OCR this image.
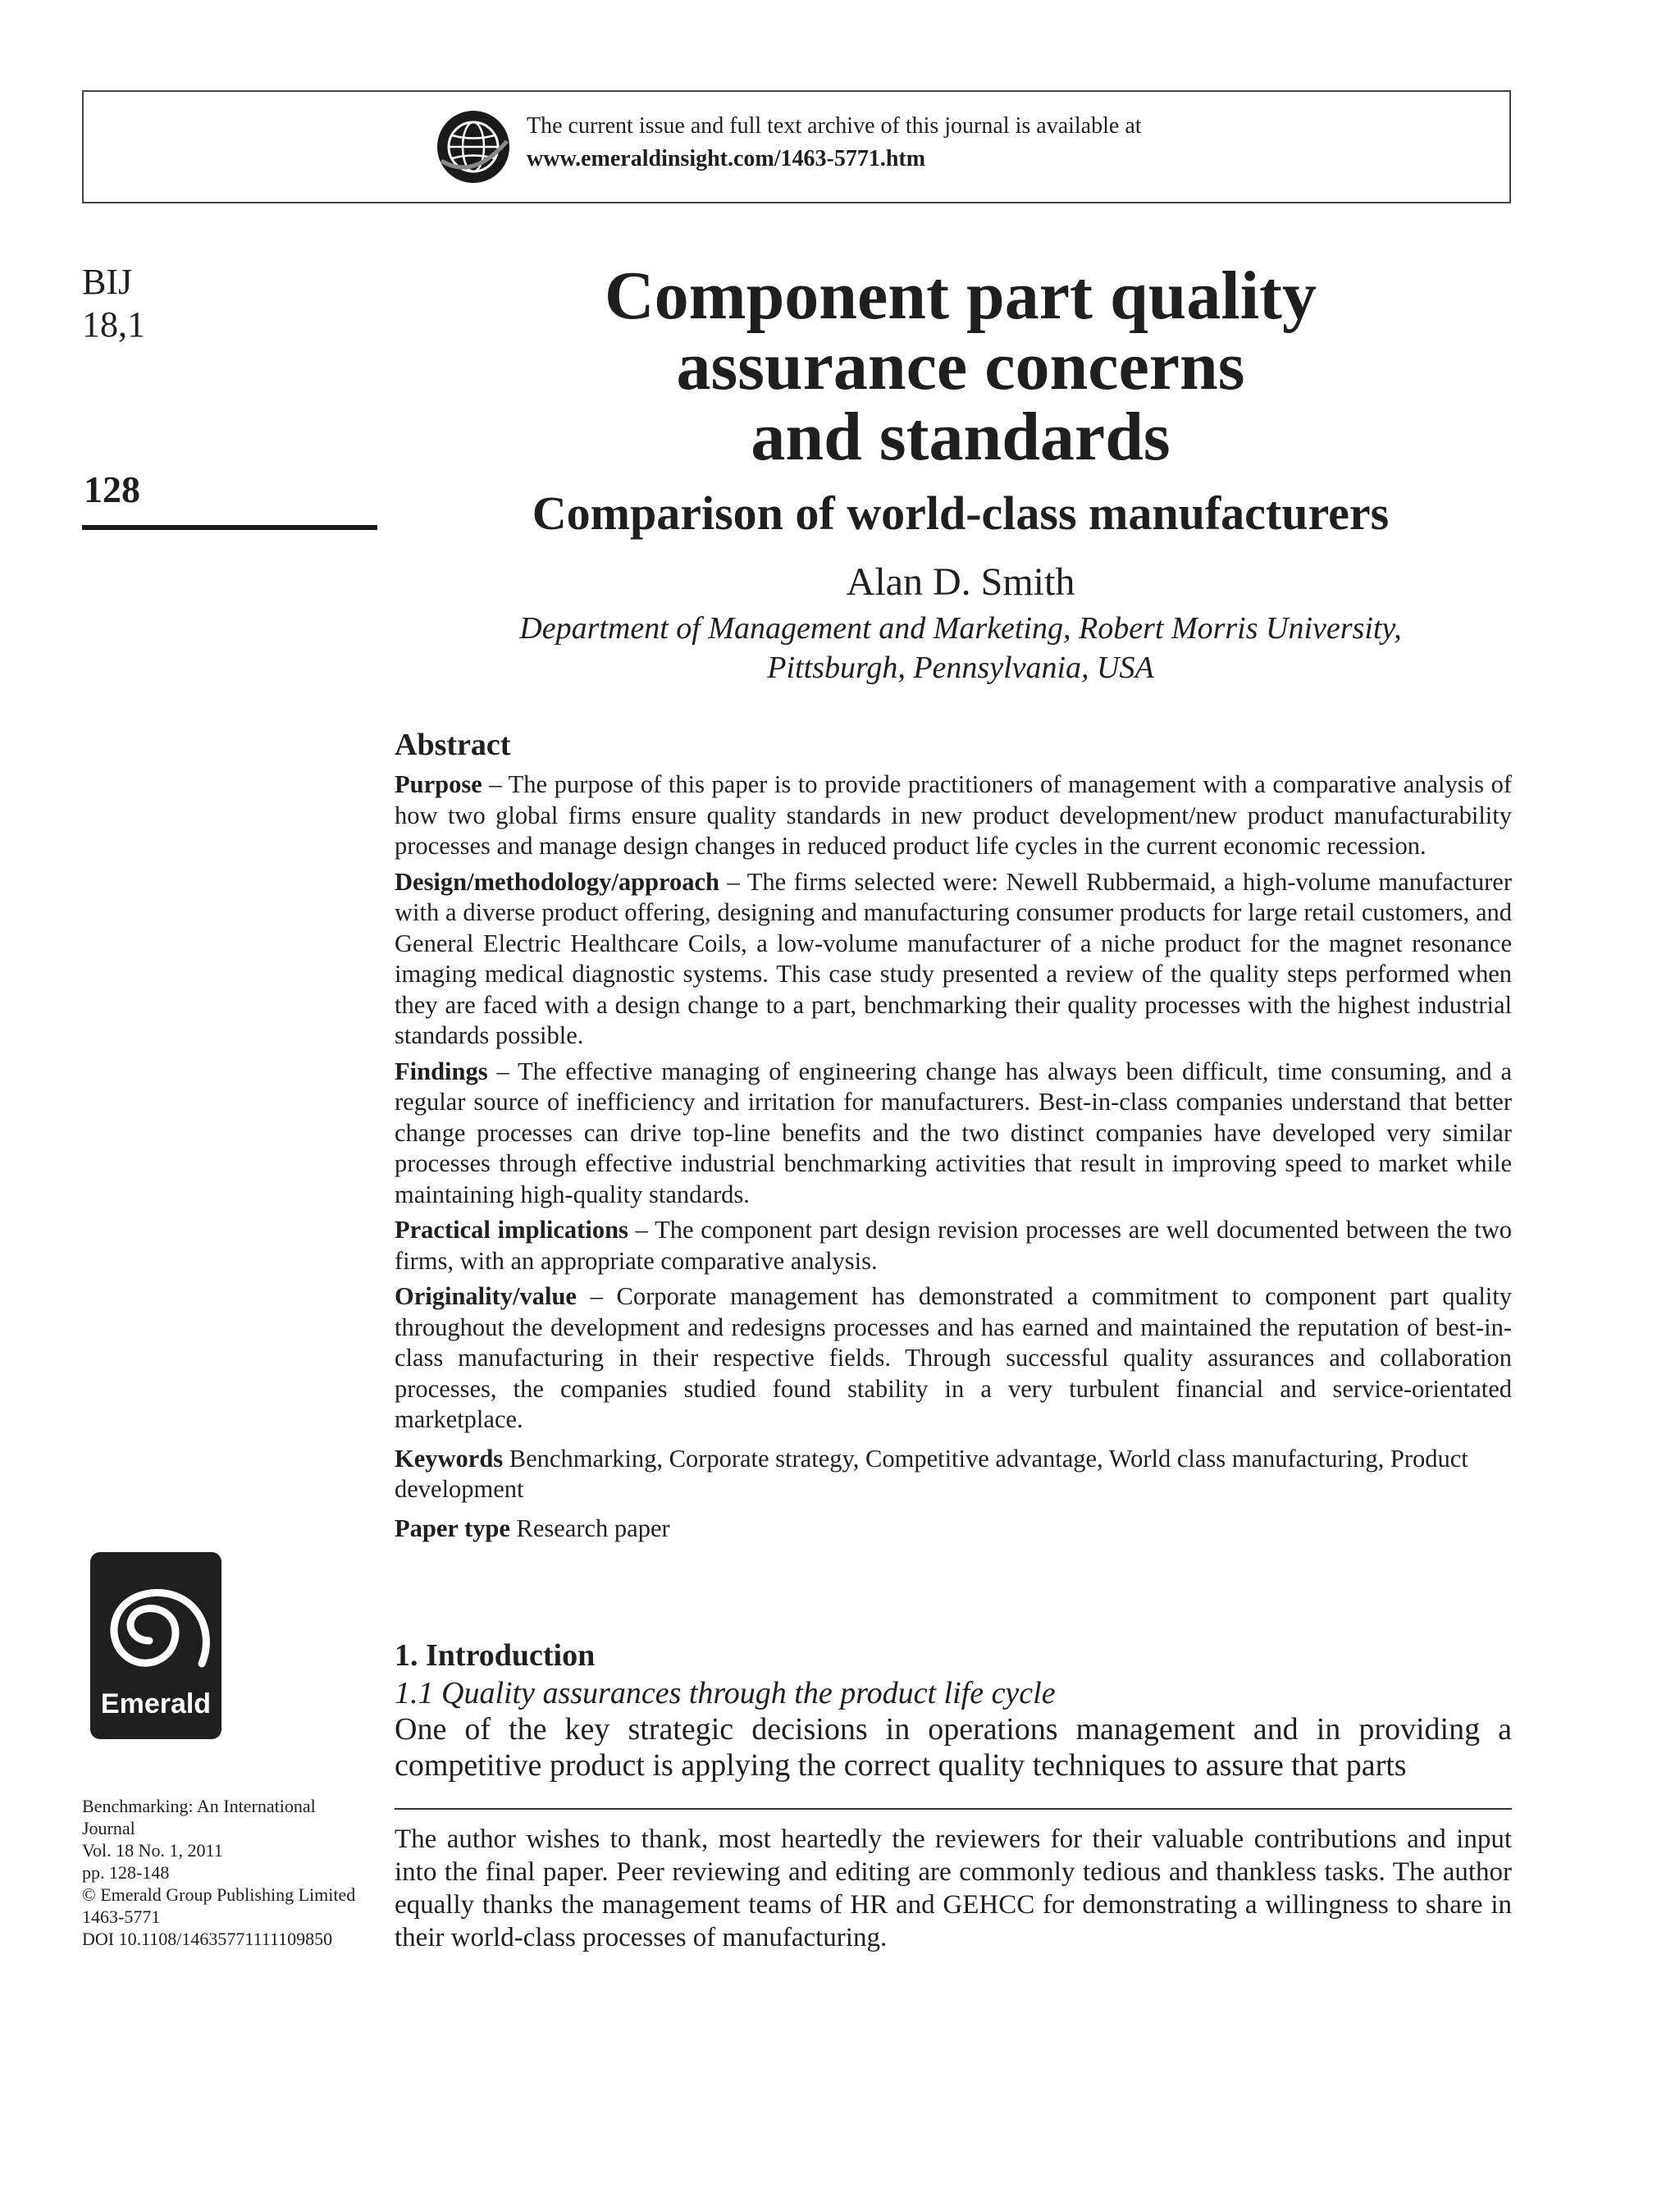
The current issue and full text archive of this journal is available at
www.emeraldinsight.com/1463-5771.htm
BIJ
18,1
128
Component part quality
assurance concerns
and standards
Comparison of world-class manufacturers
Alan D. Smith
Department of Management and Marketing, Robert Morris University,
Pittsburgh, Pennsylvania, USA
Abstract

Purpose – The purpose of this paper is to provide practitioners of management with a comparative analysis of how two global firms ensure quality standards in new product development/new product manufacturability processes and manage design changes in reduced product life cycles in the current economic recession.

Design/methodology/approach – The firms selected were: Newell Rubbermaid, a high-volume manufacturer with a diverse product offering, designing and manufacturing consumer products for large retail customers, and General Electric Healthcare Coils, a low-volume manufacturer of a niche product for the magnet resonance imaging medical diagnostic systems. This case study presented a review of the quality steps performed when they are faced with a design change to a part, benchmarking their quality processes with the highest industrial standards possible.

Findings – The effective managing of engineering change has always been difficult, time consuming, and a regular source of inefficiency and irritation for manufacturers. Best-in-class companies understand that better change processes can drive top-line benefits and the two distinct companies have developed very similar processes through effective industrial benchmarking activities that result in improving speed to market while maintaining high-quality standards.

Practical implications – The component part design revision processes are well documented between the two firms, with an appropriate comparative analysis.

Originality/value – Corporate management has demonstrated a commitment to component part quality throughout the development and redesigns processes and has earned and maintained the reputation of best-in-class manufacturing in their respective fields. Through successful quality assurances and collaboration processes, the companies studied found stability in a very turbulent financial and service-orientated marketplace.

Keywords Benchmarking, Corporate strategy, Competitive advantage, World class manufacturing, Product development

Paper type Research paper

1. Introduction
1.1 Quality assurances through the product life cycle

One of the key strategic decisions in operations management and in providing a competitive product is applying the correct quality techniques to assure that parts

The author wishes to thank, most heartedly the reviewers for their valuable contributions and input into the final paper. Peer reviewing and editing are commonly tedious and thankless tasks. The author equally thanks the management teams of HR and GEHCC for demonstrating a willingness to share in their world-class processes of manufacturing.

Emerald
Benchmarking: An International
Journal
Vol. 18 No. 1, 2011
pp. 128-148
© Emerald Group Publishing Limited
1463-5771
DOI 10.1108/14635771111109850
